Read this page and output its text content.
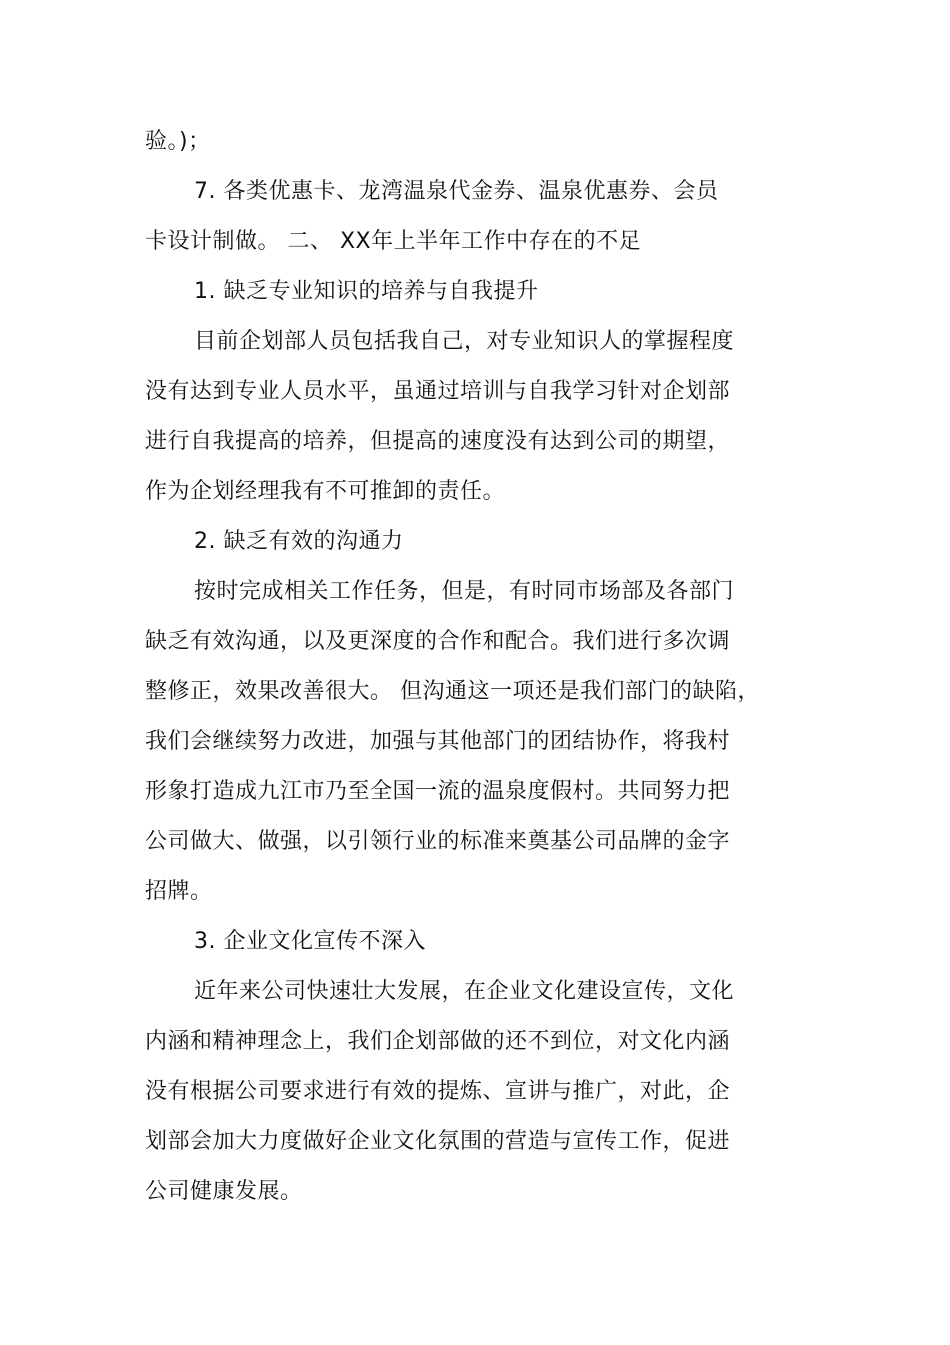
验。)；
7. 各类优惠卡、龙湾温泉代金券、温泉优惠券、会员
卡设计制做。 二、 XX年上半年工作中存在的不足
1. 缺乏专业知识的培养与自我提升
目前企划部人员包括我自己，对专业知识人的掌握程度
没有达到专业人员水平，虽通过培训与自我学习针对企划部
进行自我提高的培养，但提高的速度没有达到公司的期望，
作为企划经理我有不可推卸的责任。
2. 缺乏有效的沟通力
按时完成相关工作任务，但是，有时同市场部及各部门
缺乏有效沟通，以及更深度的合作和配合。我们进行多次调
整修正，效果改善很大。 但沟通这一项还是我们部门的缺陷，
我们会继续努力改进，加强与其他部门的团结协作，将我村
形象打造成九江市乃至全国一流的温泉度假村。共同努力把
公司做大、做强，以引领行业的标准来奠基公司品牌的金字
招牌。
3. 企业文化宣传不深入
近年来公司快速壮大发展，在企业文化建设宣传，文化
内涵和精神理念上，我们企划部做的还不到位，对文化内涵
没有根据公司要求进行有效的提炼、宣讲与推广，对此，企
划部会加大力度做好企业文化氛围的营造与宣传工作，促进
公司健康发展。
